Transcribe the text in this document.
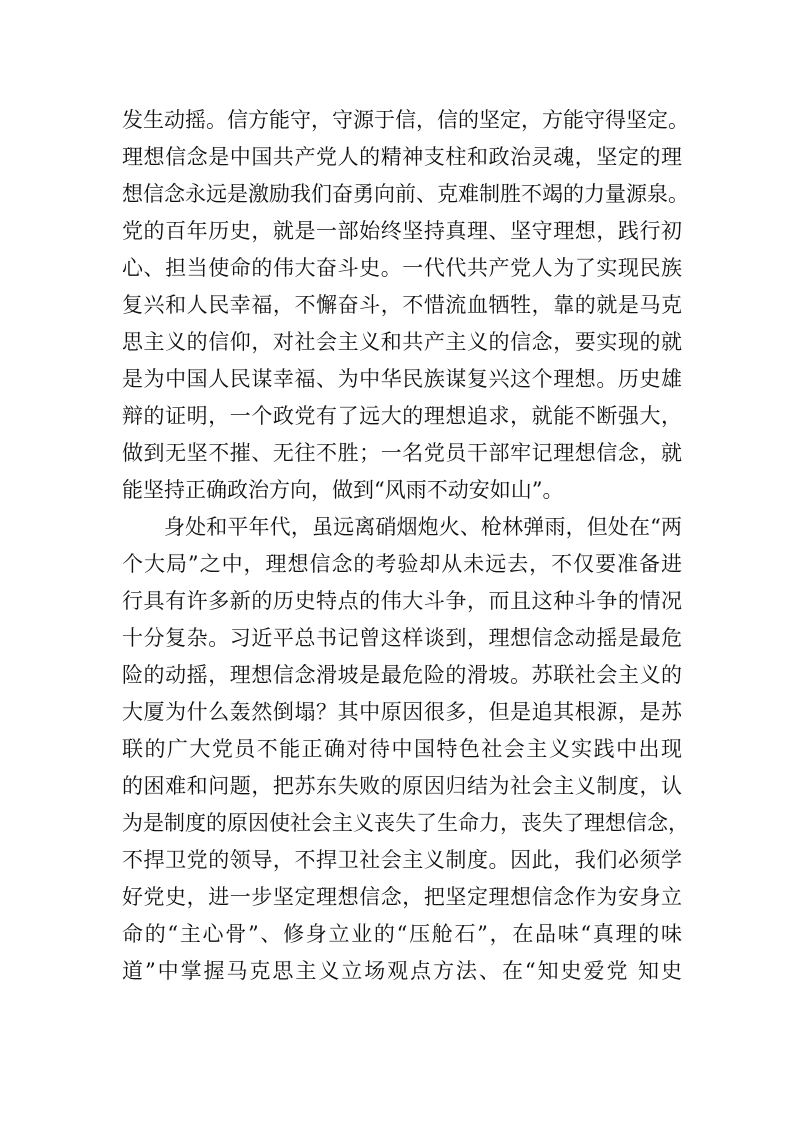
发生动摇。信方能守，守源于信，信的坚定，方能守得坚定。
理想信念是中国共产党人的精神支柱和政治灵魂，坚定的理
想信念永远是激励我们奋勇向前、克难制胜不竭的力量源泉。
党的百年历史，就是一部始终坚持真理、坚守理想，践行初
心、担当使命的伟大奋斗史。一代代共产党人为了实现民族
复兴和人民幸福，不懈奋斗，不惜流血牺牲，靠的就是马克
思主义的信仰，对社会主义和共产主义的信念，要实现的就
是为中国人民谋幸福、为中华民族谋复兴这个理想。历史雄
辩的证明，一个政党有了远大的理想追求，就能不断强大，
做到无坚不摧、无往不胜；一名党员干部牢记理想信念，就
能坚持正确政治方向，做到“风雨不动安如山”。
身处和平年代，虽远离硝烟炮火、枪林弹雨，但处在“两
个大局”之中，理想信念的考验却从未远去，不仅要准备进
行具有许多新的历史特点的伟大斗争，而且这种斗争的情况
十分复杂。习近平总书记曾这样谈到，理想信念动摇是最危
险的动摇，理想信念滑坡是最危险的滑坡。苏联社会主义的
大厦为什么轰然倒塌？其中原因很多，但是追其根源，是苏
联的广大党员不能正确对待中国特色社会主义实践中出现
的困难和问题，把苏东失败的原因归结为社会主义制度，认
为是制度的原因使社会主义丧失了生命力，丧失了理想信念，
不捍卫党的领导，不捍卫社会主义制度。因此，我们必须学
好党史，进一步坚定理想信念，把坚定理想信念作为安身立
命的“主心骨”、修身立业的“压舱石”，在品味“真理的味
道”中掌握马克思主义立场观点方法、在“知史爱党 知史
